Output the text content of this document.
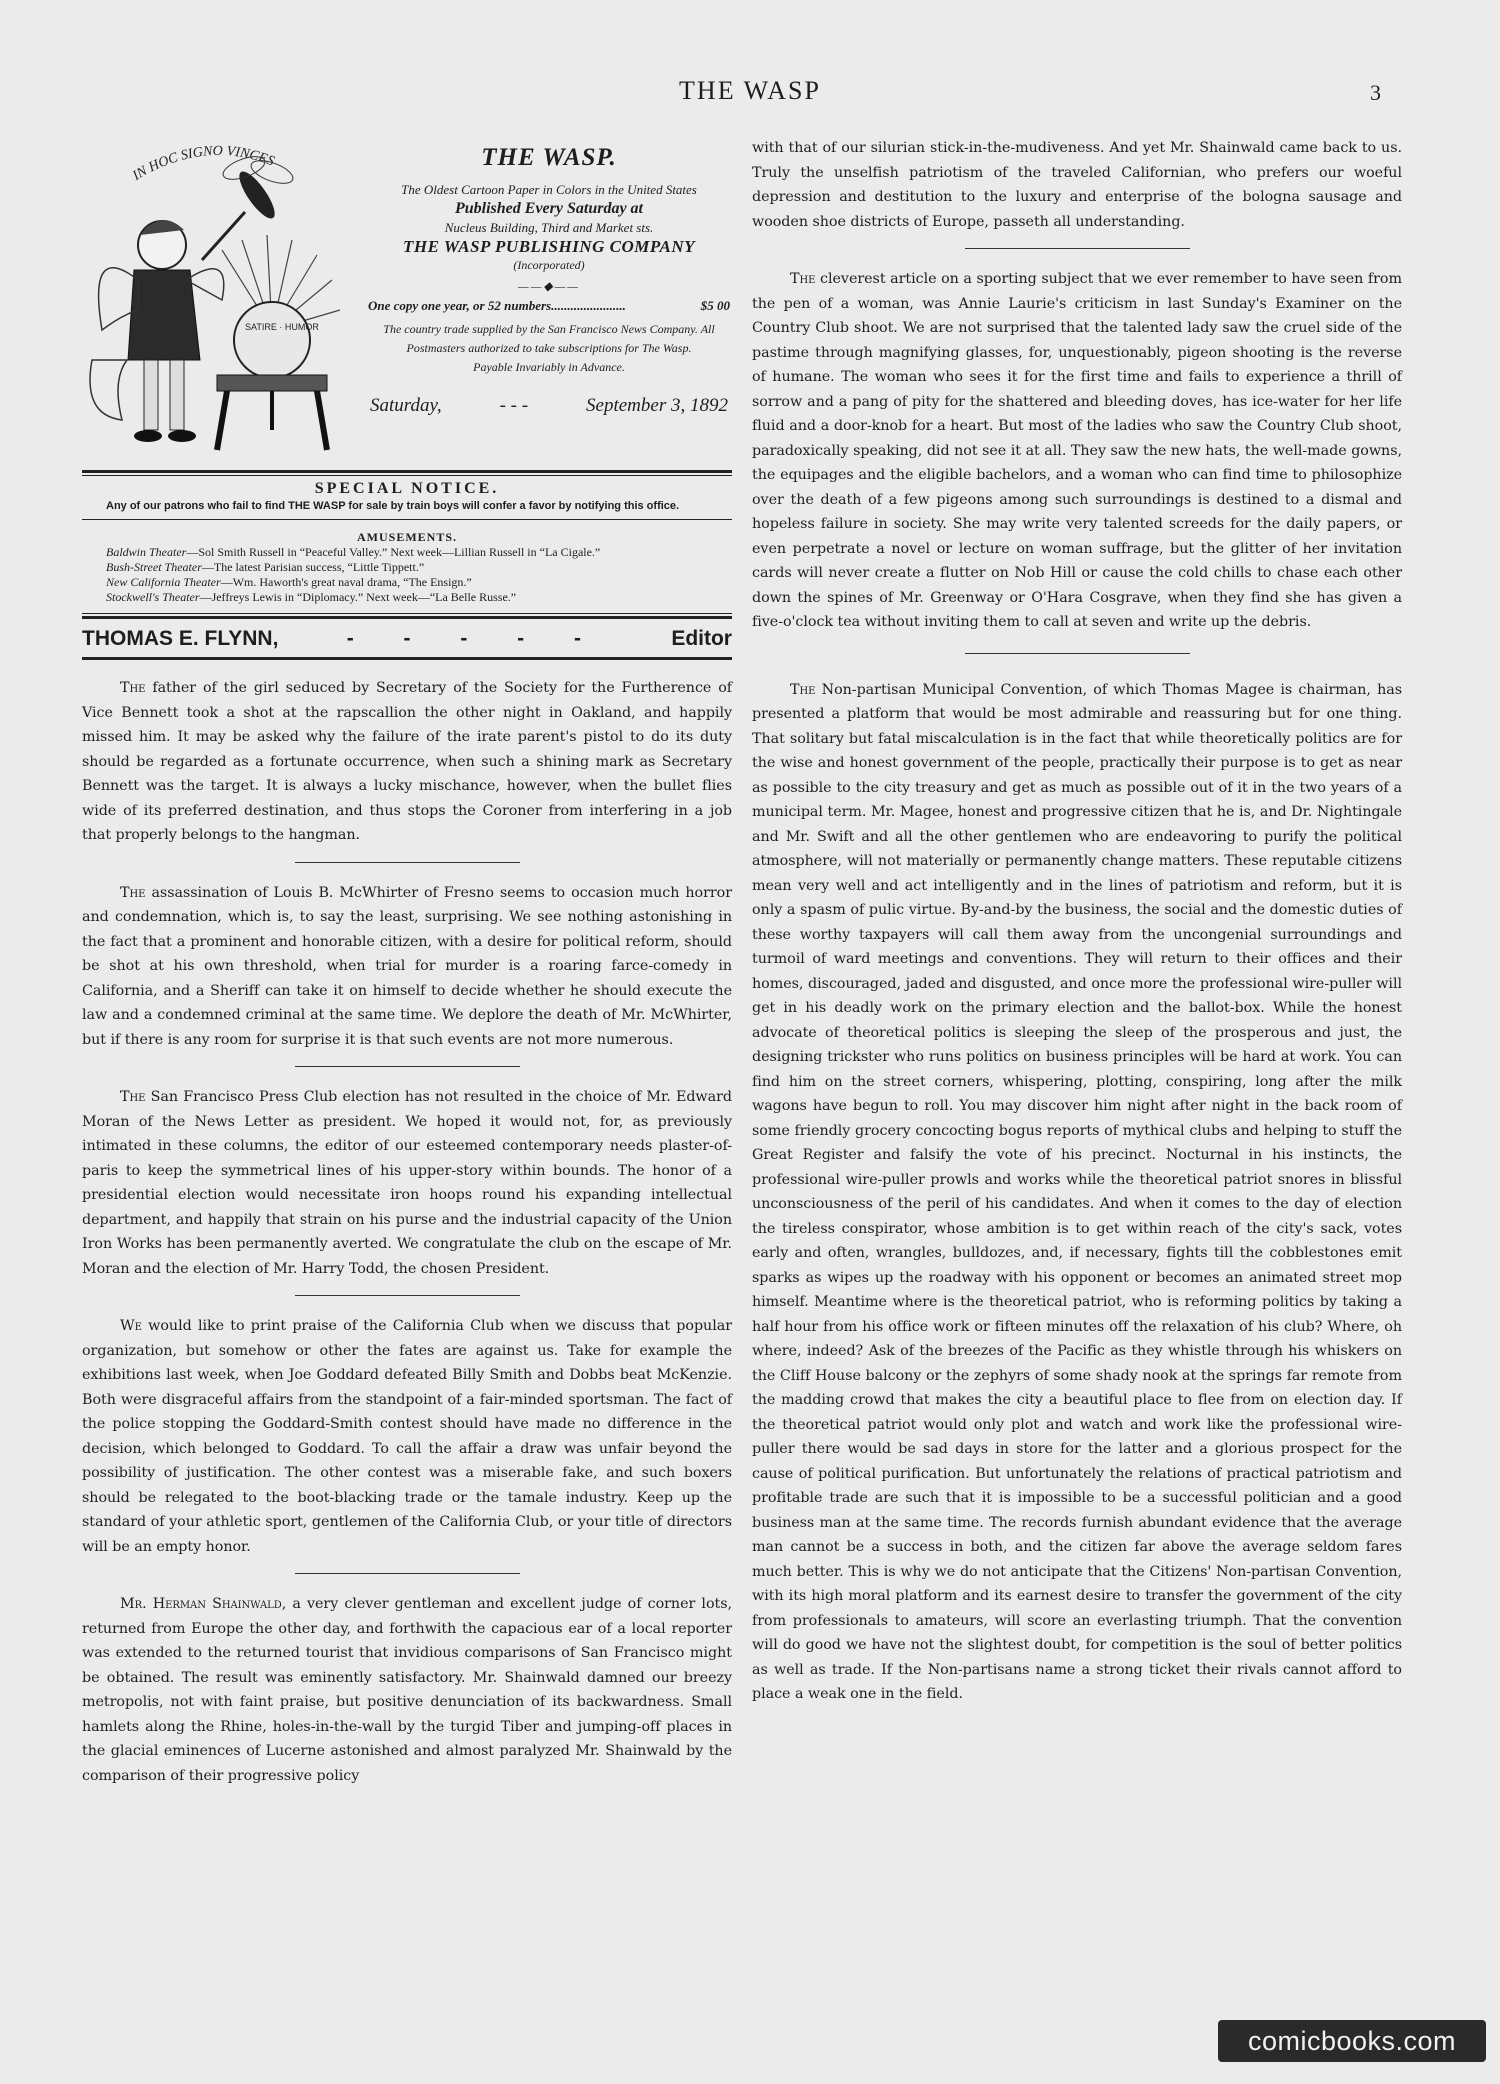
THE WASP	3
IN HOC SIGNO VINCES
SATIRE · HUMOR
THE WASP.
The Oldest Cartoon Paper in Colors in the United States
Published Every Saturday at
Nucleus Building, Third and Market sts.
THE WASP PUBLISHING COMPANY
(Incorporated)
——◆——
One copy one year, or 52 numbers.......................	$5 00
The country trade supplied by the San Francisco News Company. All Postmasters authorized to take subscriptions for The Wasp.
Payable Invariably in Advance.
Saturday,	- - -	September 3, 1892
SPECIAL NOTICE.

Any of our patrons who fail to find THE WASP for sale by train boys will confer a favor by notifying this office.

AMUSEMENTS.

Baldwin Theater—Sol Smith Russell in “Peaceful Valley.” Next week—Lillian Russell in “La Cigale.”

Bush-Street Theater—The latest Parisian success, “Little Tippett.”

New California Theater—Wm. Haworth's great naval drama, “The Ensign.”

Stockwell's Theater—Jeffreys Lewis in “Diplomacy.” Next week—“La Belle Russe.”

THOMAS E. FLYNN,	- - - - -	Editor

The father of the girl seduced by Secretary of the Society for the Furtherence of Vice Bennett took a shot at the rapscallion the other night in Oakland, and happily missed him. It may be asked why the failure of the irate parent's pistol to do its duty should be regarded as a fortunate occurrence, when such a shining mark as Secretary Bennett was the target. It is always a lucky mischance, however, when the bullet flies wide of its preferred destination, and thus stops the Coroner from interfering in a job that properly belongs to the hangman.

The assassination of Louis B. McWhirter of Fresno seems to occasion much horror and condemnation, which is, to say the least, surprising. We see nothing astonishing in the fact that a prominent and honorable citizen, with a desire for political reform, should be shot at his own threshold, when trial for murder is a roaring farce-comedy in California, and a Sheriff can take it on himself to decide whether he should execute the law and a condemned criminal at the same time. We deplore the death of Mr. McWhirter, but if there is any room for surprise it is that such events are not more numerous.

The San Francisco Press Club election has not resulted in the choice of Mr. Edward Moran of the News Letter as president. We hoped it would not, for, as previously intimated in these columns, the editor of our esteemed contemporary needs plaster-of-paris to keep the symmetrical lines of his upper-story within bounds. The honor of a presidential election would necessitate iron hoops round his expanding intellectual department, and happily that strain on his purse and the industrial capacity of the Union Iron Works has been permanently averted. We congratulate the club on the escape of Mr. Moran and the election of Mr. Harry Todd, the chosen President.

We would like to print praise of the California Club when we discuss that popular organization, but somehow or other the fates are against us. Take for example the exhibitions last week, when Joe Goddard defeated Billy Smith and Dobbs beat McKenzie. Both were disgraceful affairs from the standpoint of a fair-minded sportsman. The fact of the police stopping the Goddard-Smith contest should have made no difference in the decision, which belonged to Goddard. To call the affair a draw was unfair beyond the possibility of justification. The other contest was a miserable fake, and such boxers should be relegated to the boot-blacking trade or the tamale industry. Keep up the standard of your athletic sport, gentlemen of the California Club, or your title of directors will be an empty honor.

Mr. Herman Shainwald, a very clever gentleman and excellent judge of corner lots, returned from Europe the other day, and forthwith the capacious ear of a local reporter was extended to the returned tourist that invidious comparisons of San Francisco might be obtained. The result was eminently satisfactory. Mr. Shainwald damned our breezy metropolis, not with faint praise, but positive denunciation of its backwardness. Small hamlets along the Rhine, holes-in-the-wall by the turgid Tiber and jumping-off places in the glacial eminences of Lucerne astonished and almost paralyzed Mr. Shainwald by the comparison of their progressive policy

with that of our silurian stick-in-the-mudiveness. And yet Mr. Shainwald came back to us. Truly the unselfish patriotism of the traveled Californian, who prefers our woeful depression and destitution to the luxury and enterprise of the bologna sausage and wooden shoe districts of Europe, passeth all understanding.

The cleverest article on a sporting subject that we ever remember to have seen from the pen of a woman, was Annie Laurie's criticism in last Sunday's Examiner on the Country Club shoot. We are not surprised that the talented lady saw the cruel side of the pastime through magnifying glasses, for, unquestionably, pigeon shooting is the reverse of humane. The woman who sees it for the first time and fails to experience a thrill of sorrow and a pang of pity for the shattered and bleeding doves, has ice-water for her life fluid and a door-knob for a heart. But most of the ladies who saw the Country Club shoot, paradoxically speaking, did not see it at all. They saw the new hats, the well-made gowns, the equipages and the eligible bachelors, and a woman who can find time to philosophize over the death of a few pigeons among such surroundings is destined to a dismal and hopeless failure in society. She may write very talented screeds for the daily papers, or even perpetrate a novel or lecture on woman suffrage, but the glitter of her invitation cards will never create a flutter on Nob Hill or cause the cold chills to chase each other down the spines of Mr. Greenway or O'Hara Cosgrave, when they find she has given a five-o'clock tea without inviting them to call at seven and write up the debris.

The Non-partisan Municipal Convention, of which Thomas Magee is chairman, has presented a platform that would be most admirable and reassuring but for one thing. That solitary but fatal miscalculation is in the fact that while theoretically politics are for the wise and honest government of the people, practically their purpose is to get as near as possible to the city treasury and get as much as possible out of it in the two years of a municipal term. Mr. Magee, honest and progressive citizen that he is, and Dr. Nightingale and Mr. Swift and all the other gentlemen who are endeavoring to purify the political atmosphere, will not materially or permanently change matters. These reputable citizens mean very well and act intelligently and in the lines of patriotism and reform, but it is only a spasm of pulic virtue. By-and-by the business, the social and the domestic duties of these worthy taxpayers will call them away from the uncongenial surroundings and turmoil of ward meetings and conventions. They will return to their offices and their homes, discouraged, jaded and disgusted, and once more the professional wire-puller will get in his deadly work on the primary election and the ballot-box. While the honest advocate of theoretical politics is sleeping the sleep of the prosperous and just, the designing trickster who runs politics on business principles will be hard at work. You can find him on the street corners, whispering, plotting, conspiring, long after the milk wagons have begun to roll. You may discover him night after night in the back room of some friendly grocery concocting bogus reports of mythical clubs and helping to stuff the Great Register and falsify the vote of his precinct. Nocturnal in his instincts, the professional wire-puller prowls and works while the theoretical patriot snores in blissful unconsciousness of the peril of his candidates. And when it comes to the day of election the tireless conspirator, whose ambition is to get within reach of the city's sack, votes early and often, wrangles, bulldozes, and, if necessary, fights till the cobblestones emit sparks as wipes up the roadway with his opponent or becomes an animated street mop himself. Meantime where is the theoretical patriot, who is reforming politics by taking a half hour from his office work or fifteen minutes off the relaxation of his club? Where, oh where, indeed? Ask of the breezes of the Pacific as they whistle through his whiskers on the Cliff House balcony or the zephyrs of some shady nook at the springs far remote from the madding crowd that makes the city a beautiful place to flee from on election day. If the theoretical patriot would only plot and watch and work like the professional wire-puller there would be sad days in store for the latter and a glorious prospect for the cause of political purification. But unfortunately the relations of practical patriotism and profitable trade are such that it is impossible to be a successful politician and a good business man at the same time. The records furnish abundant evidence that the average man cannot be a success in both, and the citizen far above the average seldom fares much better. This is why we do not anticipate that the Citizens' Non-partisan Convention, with its high moral platform and its earnest desire to transfer the government of the city from professionals to amateurs, will score an everlasting triumph. That the convention will do good we have not the slightest doubt, for competition is the soul of better politics as well as trade. If the Non-partisans name a strong ticket their rivals cannot afford to place a weak one in the field.

comicbooks.com
